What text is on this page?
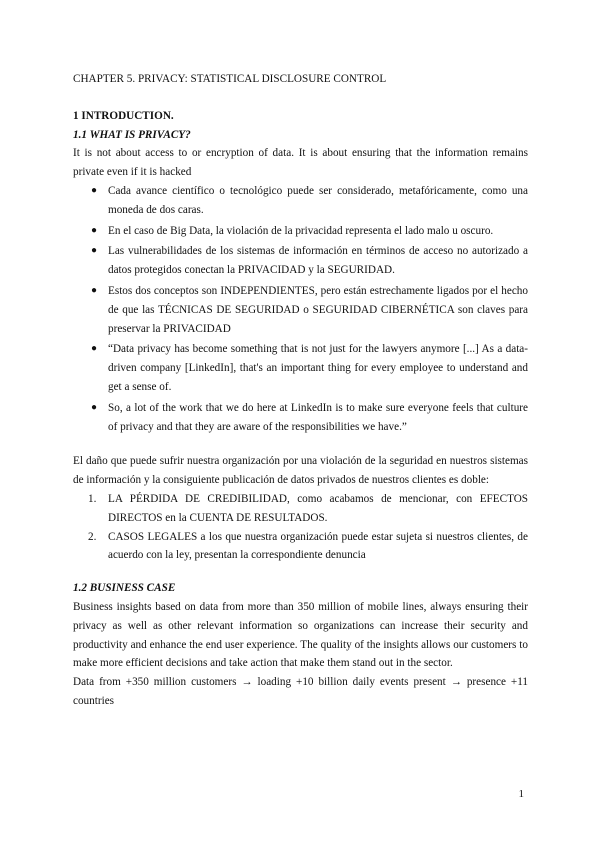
CHAPTER 5. PRIVACY: STATISTICAL DISCLOSURE CONTROL
1 INTRODUCTION.
1.1 WHAT IS PRIVACY?

It is not about access to or encryption of data. It is about ensuring that the information remains private even if it is hacked

● Cada avance científico o tecnológico puede ser considerado, metafóricamente, como una moneda de dos caras.
● En el caso de Big Data, la violación de la privacidad representa el lado malo u oscuro.
● Las vulnerabilidades de los sistemas de información en términos de acceso no autorizado a datos protegidos conectan la PRIVACIDAD y la SEGURIDAD.
● Estos dos conceptos son INDEPENDIENTES, pero están estrechamente ligados por el hecho de que las TÉCNICAS DE SEGURIDAD o SEGURIDAD CIBERNÉTICA son claves para preservar la PRIVACIDAD
● “Data privacy has become something that is not just for the lawyers anymore [...] As a data-driven company [LinkedIn], that's an important thing for every employee to understand and get a sense of.
● So, a lot of the work that we do here at LinkedIn is to make sure everyone feels that culture of privacy and that they are aware of the responsibilities we have.”

El daño que puede sufrir nuestra organización por una violación de la seguridad en nuestros sistemas de información y la consiguiente publicación de datos privados de nuestros clientes es doble:

1. LA PÉRDIDA DE CREDIBILIDAD, como acabamos de mencionar, con EFECTOS DIRECTOS en la CUENTA DE RESULTADOS.
2. CASOS LEGALES a los que nuestra organización puede estar sujeta si nuestros clientes, de acuerdo con la ley, presentan la correspondiente denuncia
1.2 BUSINESS CASE

Business insights based on data from more than 350 million of mobile lines, always ensuring their privacy as well as other relevant information so organizations can increase their security and productivity and enhance the end user experience. The quality of the insights allows our customers to make more efficient decisions and take action that make them stand out in the sector.

Data from +350 million customers → loading +10 billion daily events present → presence +11 countries

1
